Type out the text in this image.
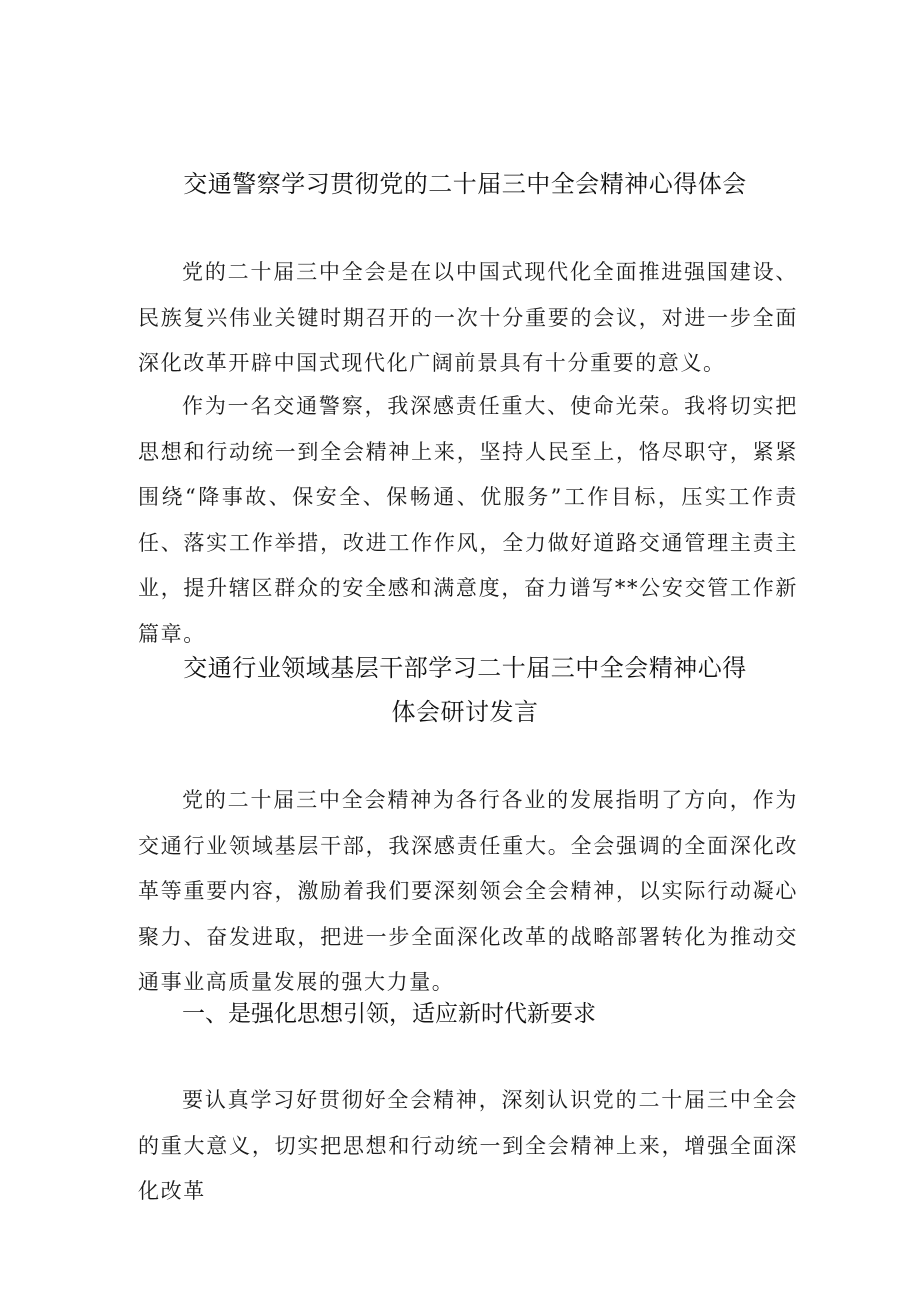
交通警察学习贯彻党的二十届三中全会精神心得体会
党的二十届三中全会是在以中国式现代化全面推进强国建设、民族复兴伟业关键时期召开的一次十分重要的会议，对进一步全面深化改革开辟中国式现代化广阔前景具有十分重要的意义。
作为一名交通警察，我深感责任重大、使命光荣。我将切实把思想和行动统一到全会精神上来，坚持人民至上，恪尽职守，紧紧围绕“降事故、保安全、保畅通、优服务”工作目标，压实工作责任、落实工作举措，改进工作作风，全力做好道路交通管理主责主业，提升辖区群众的安全感和满意度，奋力谱写**公安交管工作新篇章。
交通行业领域基层干部学习二十届三中全会精神心得
体会研讨发言
党的二十届三中全会精神为各行各业的发展指明了方向，作为交通行业领域基层干部，我深感责任重大。全会强调的全面深化改革等重要内容，激励着我们要深刻领会全会精神，以实际行动凝心聚力、奋发进取，把进一步全面深化改革的战略部署转化为推动交通事业高质量发展的强大力量。
一、是强化思想引领，适应新时代新要求
要认真学习好贯彻好全会精神，深刻认识党的二十届三中全会的重大意义，切实把思想和行动统一到全会精神上来，增强全面深化改革
